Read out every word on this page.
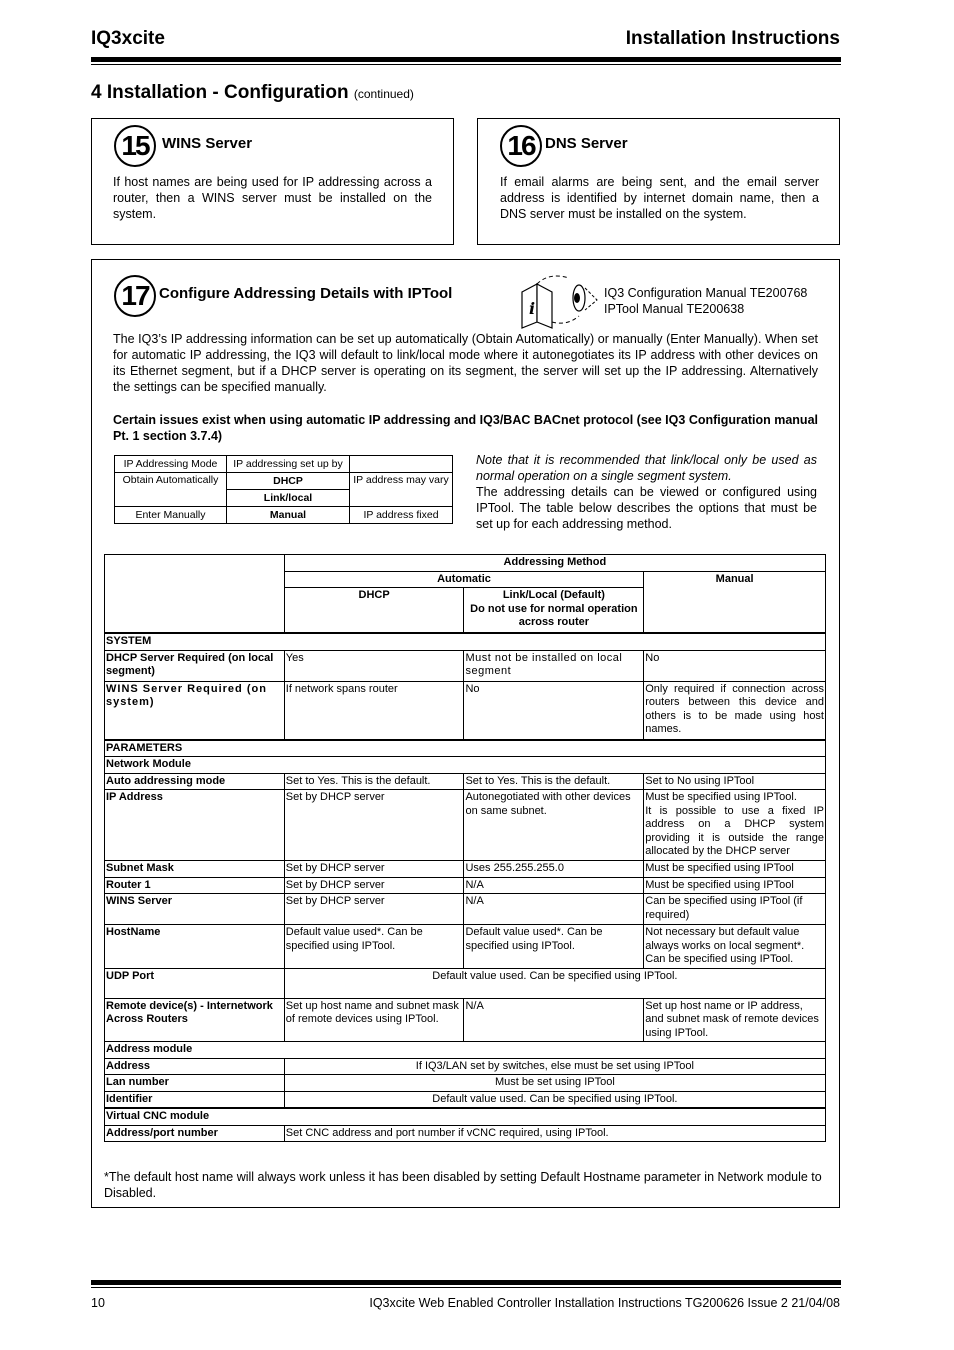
IQ3xcite	Installation Instructions
4 Installation - Configuration (continued)
15 WINS Server
If host names are being used for IP addressing across a router, then a WINS server must be installed on the system.
16 DNS Server
If email alarms are being sent, and the email server address is identified by internet domain name, then a DNS server must be installed on the system.
17 Configure Addressing Details with IPTool
i
IQ3 Configuration Manual TE200768
IPTool Manual TE200638
The IQ3’s IP addressing information can be set up automatically (Obtain Automatically) or manually (Enter Manually). When set for automatic IP addressing, the IQ3 will default to link/local mode where it autonegotiates its IP address with other devices on its Ethernet segment, but if a DHCP server is operating on its segment, the server will set up the IP addressing. Alternatively the settings can be specified manually.
Certain issues exist when using automatic IP addressing and IQ3/BAC BACnet protocol (see IQ3 Configuration manual Pt. 1 section 3.7.4)
IP Addressing Mode	IP addressing set up by	
Obtain Automatically	DHCP	IP address may vary
	Link/local	
Enter Manually	Manual	IP address fixed
Note that it is recommended that link/local only be used as normal operation on a single segment system.
The addressing details can be viewed or configured using IPTool. The table below describes the options that must be set up for each addressing method.
	Addressing Method		
	Automatic		Manual
	DHCP	Link/Local (Default)
Do not use for normal operation across router	
SYSTEM			
DHCP Server Required (on local segment)	Yes	Must not be installed on local segment	No
WINS Server Required (on system)	If network spans router	No	Only required if connection across routers between this device and others is to be made using host names.
PARAMETERS			
Network Module			
Auto addressing mode	Set to Yes. This is the default.	Set to Yes. This is the default.	Set to No using IPTool
IP Address	Set by DHCP server	Autonegotiated with other devices on same subnet.	Must be specified using IPTool.
It is possible to use a fixed IP address on a DHCP system providing it is outside the range allocated by the DHCP server
Subnet Mask	Set by DHCP server	Uses 255.255.255.0	Must be specified using IPTool
Router 1	Set by DHCP server	N/A	Must be specified using IPTool
WINS Server	Set by DHCP server	N/A	Can be specified using IPTool (if required)
HostName	Default value used*. Can be specified using IPTool.	Default value used*. Can be specified using IPTool.	Not necessary but default value always works on local segment*. Can be specified using IPTool.
UDP Port	Default value used. Can be specified using IPTool.		
Remote device(s) - Internetwork Across Routers	Set up host name and subnet mask of remote devices using IPTool.	N/A	Set up host name or IP address, and subnet mask of remote devices using IPTool.
Address module			
Address	If IQ3/LAN set by switches, else must be set using IPTool		
Lan number	Must be set using IPTool		
Identifier	Default value used. Can be specified using IPTool.		
Virtual CNC module			
Address/port number	Set CNC address and port number if vCNC required, using IPTool.		
*The default host name will always work unless it has been disabled by setting Default Hostname parameter in Network module to Disabled.
10	IQ3xcite Web Enabled Controller Installation Instructions TG200626 Issue 2 21/04/08
